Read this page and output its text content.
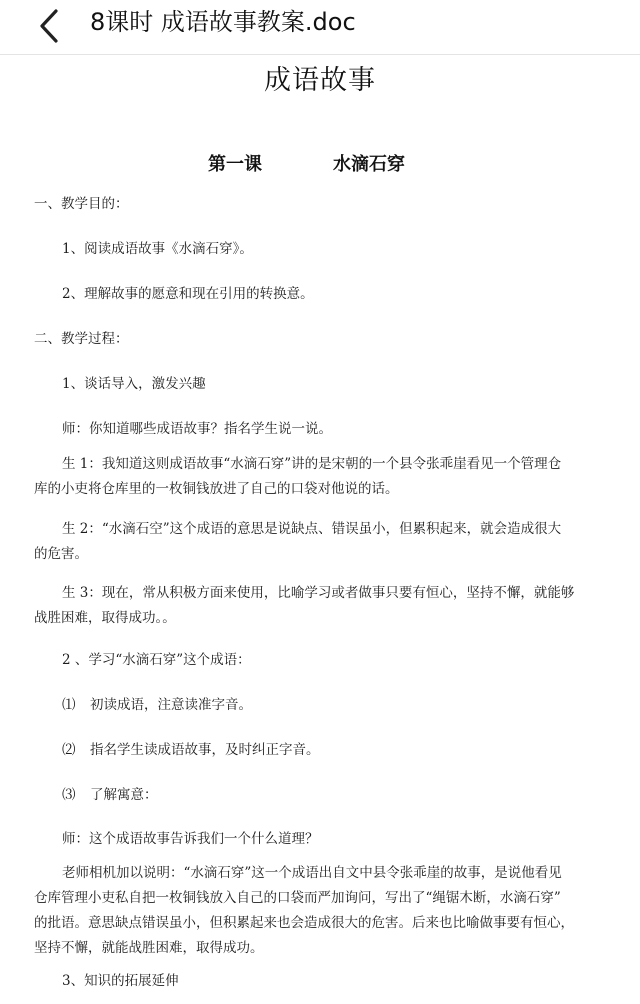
8课时 成语故事教案.doc
成语故事
第一课	水滴石穿
一、教学目的：
1、阅读成语故事《水滴石穿》。
2、理解故事的愿意和现在引用的转换意。
二、教学过程：
1、谈话导入，激发兴趣
师：你知道哪些成语故事？指名学生说一说。
生 1：我知道这则成语故事“水滴石穿”讲的是宋朝的一个县令张乖崖看见一个管理仓
库的小吏将仓库里的一枚铜钱放进了自己的口袋对他说的话。
生 2：“水滴石空”这个成语的意思是说缺点、错误虽小，但累积起来，就会造成很大
的危害。
生 3：现在，常从积极方面来使用，比喻学习或者做事只要有恒心，坚持不懈，就能够
战胜困难，取得成功。。
2 、学习“水滴石穿”这个成语：
⑴ 初读成语，注意读准字音。
⑵ 指名学生读成语故事，及时纠正字音。
⑶ 了解寓意：
师：这个成语故事告诉我们一个什么道理？
老师相机加以说明：“水滴石穿”这一个成语出自文中县令张乖崖的故事，是说他看见
仓库管理小吏私自把一枚铜钱放入自己的口袋而严加询问，写出了“绳锯木断，水滴石穿”
的批语。意思缺点错误虽小，但积累起来也会造成很大的危害。后来也比喻做事要有恒心，
坚持不懈，就能战胜困难，取得成功。
3、知识的拓展延伸
